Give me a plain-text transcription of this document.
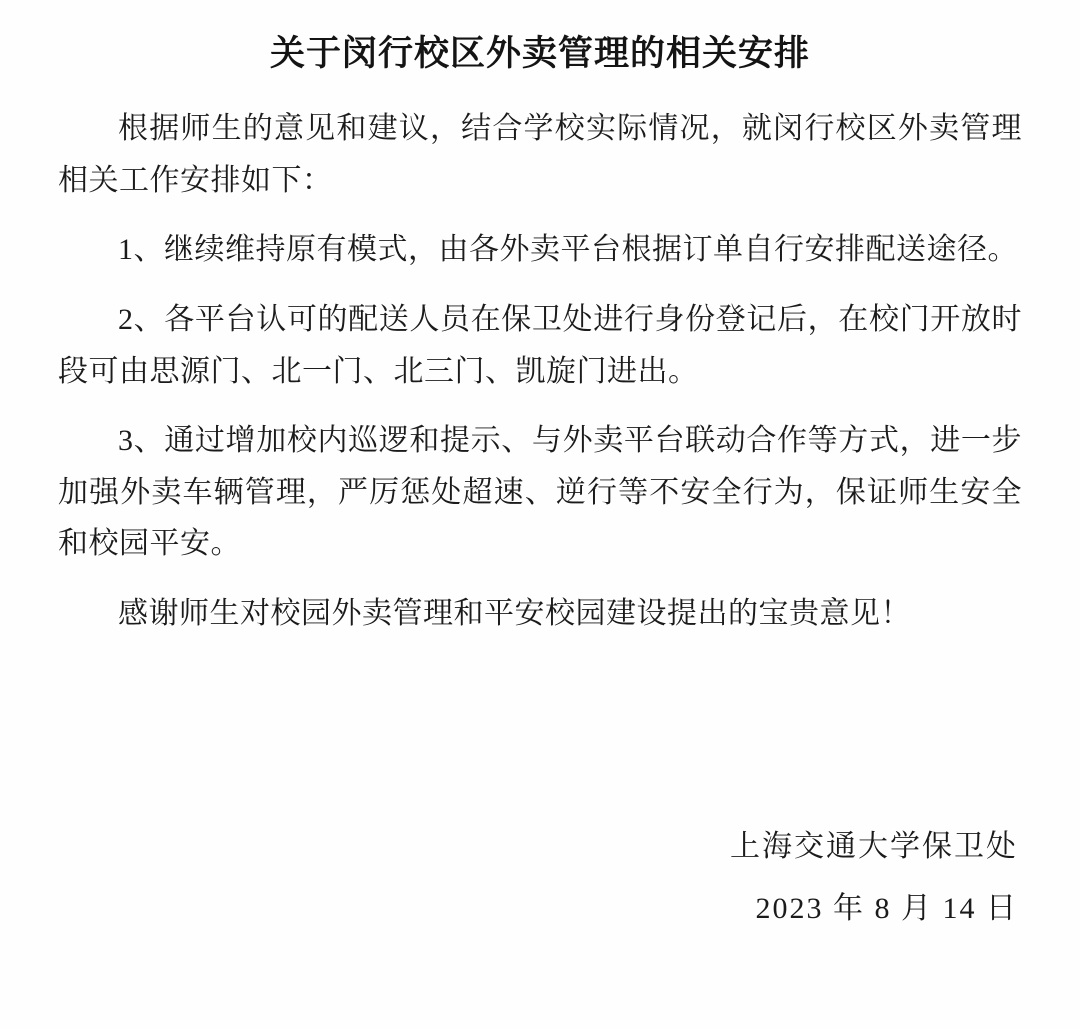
关于闵行校区外卖管理的相关安排

根据师生的意见和建议，结合学校实际情况，就闵行校区外卖管理相关工作安排如下：

1、继续维持原有模式，由各外卖平台根据订单自行安排配送途径。

2、各平台认可的配送人员在保卫处进行身份登记后，在校门开放时段可由思源门、北一门、北三门、凯旋门进出。

3、通过增加校内巡逻和提示、与外卖平台联动合作等方式，进一步加强外卖车辆管理，严厉惩处超速、逆行等不安全行为，保证师生安全和校园平安。

感谢师生对校园外卖管理和平安校园建设提出的宝贵意见！

上海交通大学保卫处
2023 年 8 月 14 日
